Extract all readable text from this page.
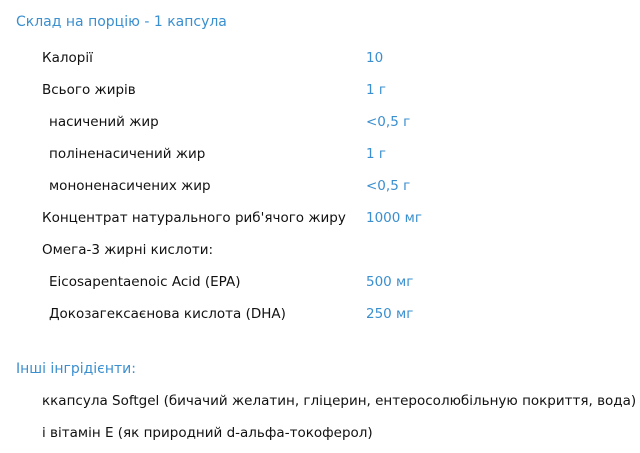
Склад на порцію - 1 капсула
Калорії	10
Всього жирів	1 г
насичений жир	<0,5 г
поліненасичений жир	1 г
мононенасичених жир	<0,5 г
Концентрат натурального риб'ячого жиру 1000 мг
Омега-3 жирні кислоти:
Eicosapentaenoic Acid (EPA)	500 мг
Докозагексаєнова кислота (DHA)	250 мг
Інші інгрідієнти:
ккапсула Softgel (бичачий желатин, гліцерин, ентеросолюбільную покриття, вода)
і вітамін Е (як природний d-альфа-токоферол)
